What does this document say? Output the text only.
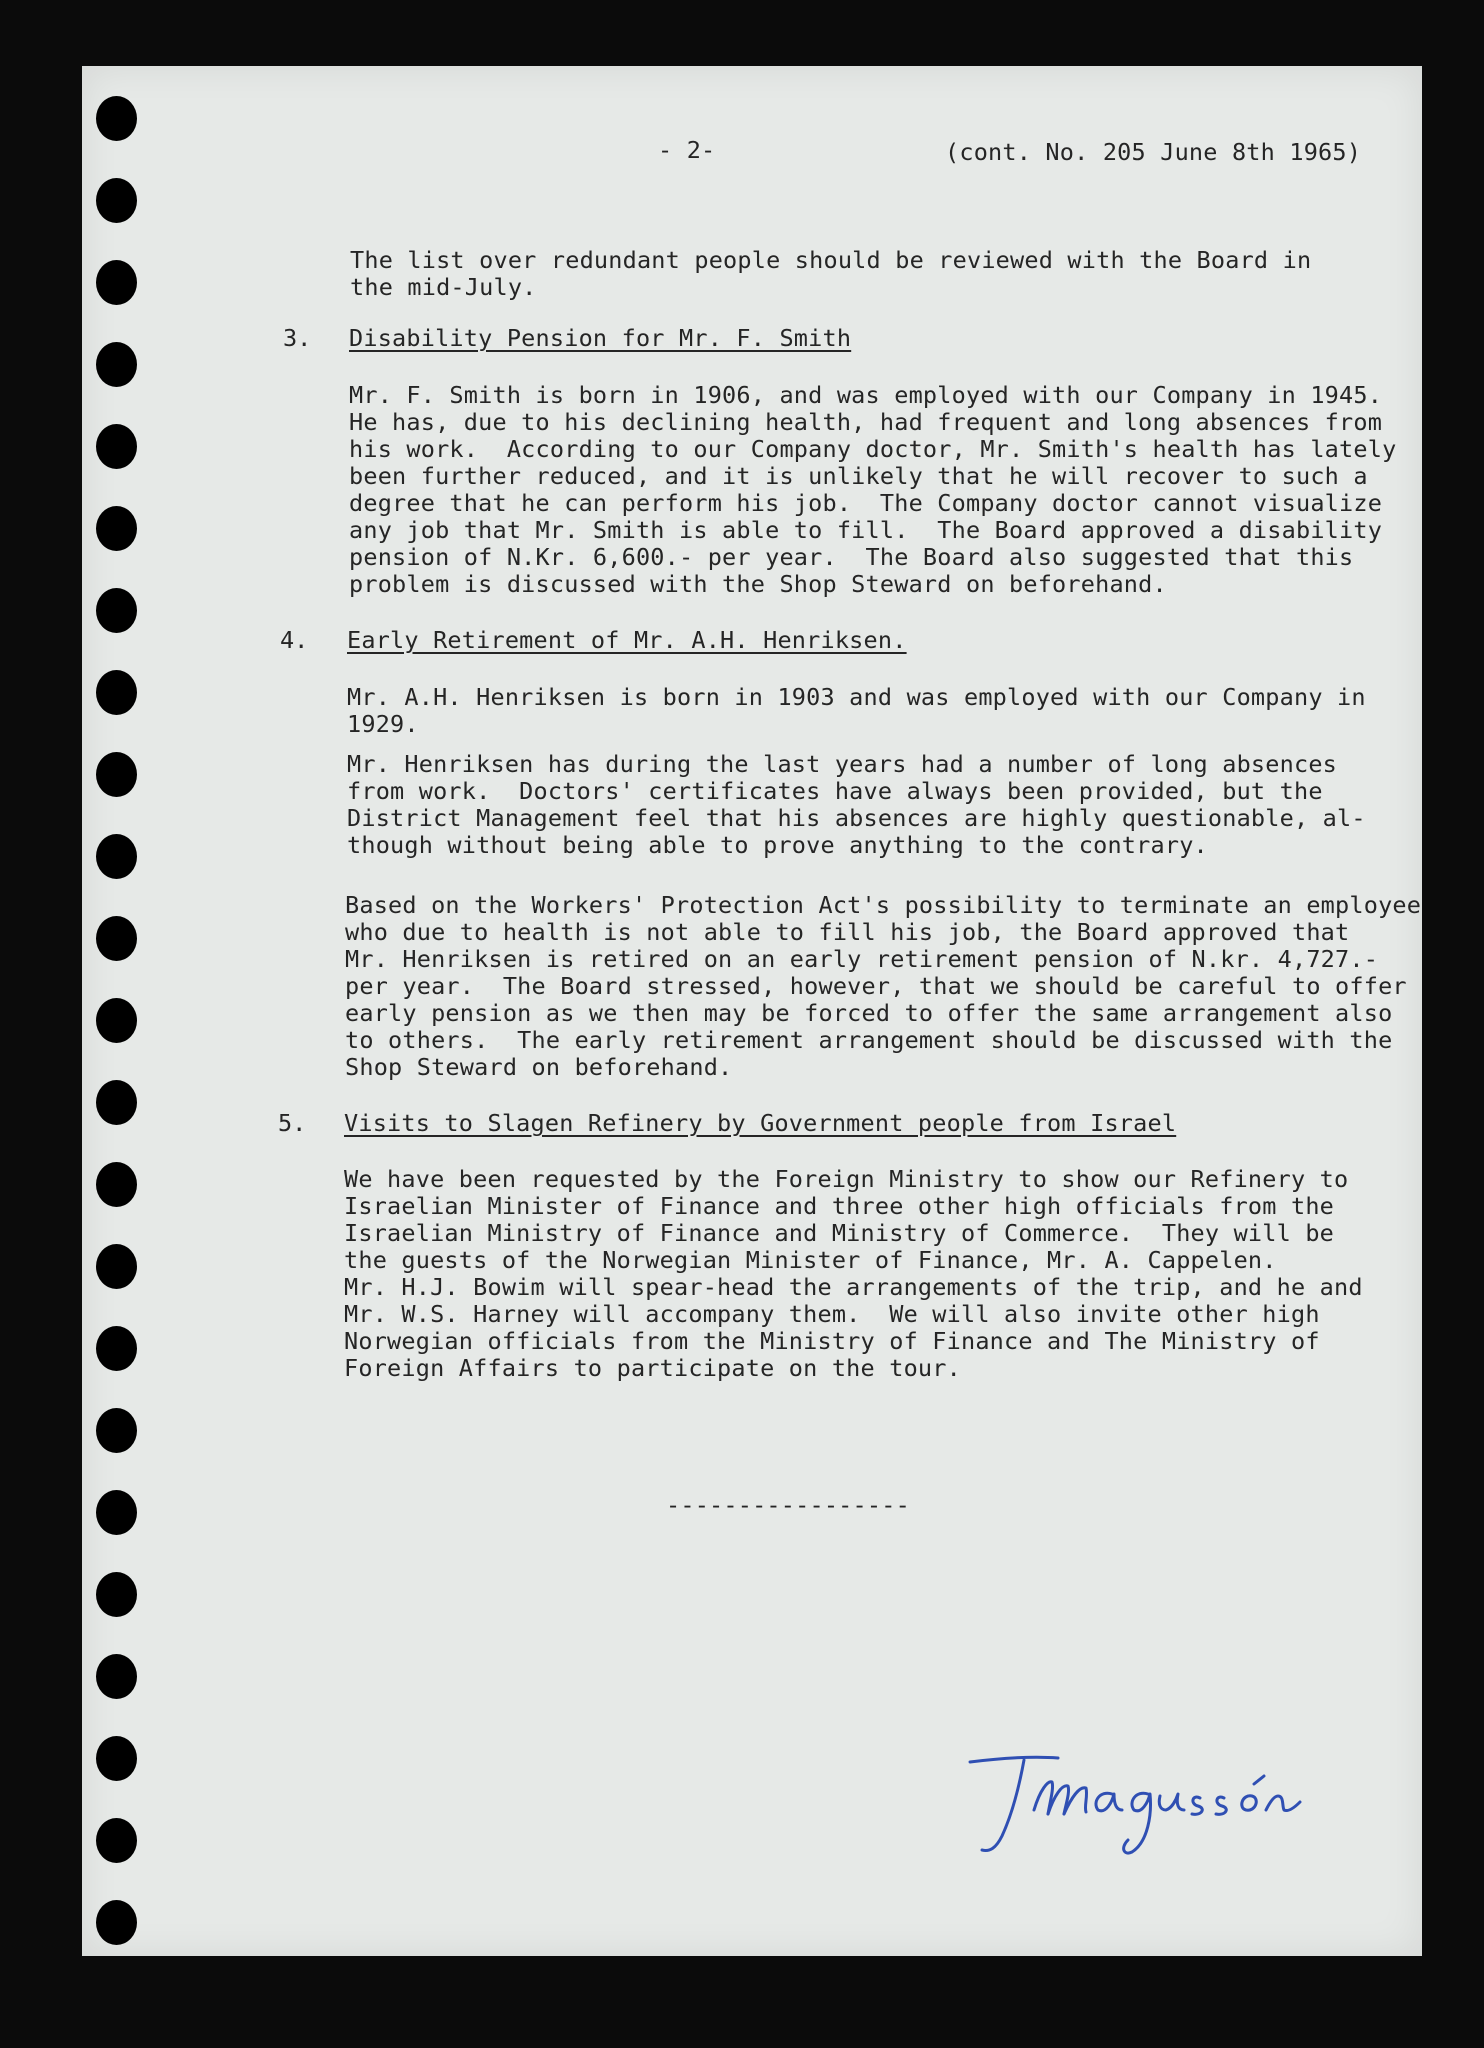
- 2-	(cont. No. 205 June 8th 1965)
The list over redundant people should be reviewed with the Board in
the mid-July.
3. Disability Pension for Mr. F. Smith
Mr. F. Smith is born in 1906, and was employed with our Company in 1945.
He has, due to his declining health, had frequent and long absences from
his work.  According to our Company doctor, Mr. Smith's health has lately
been further reduced, and it is unlikely that he will recover to such a
degree that he can perform his job.  The Company doctor cannot visualize
any job that Mr. Smith is able to fill.  The Board approved a disability
pension of N.Kr. 6,600.- per year.  The Board also suggested that this
problem is discussed with the Shop Steward on beforehand.
4. Early Retirement of Mr. A.H. Henriksen.
Mr. A.H. Henriksen is born in 1903 and was employed with our Company in
1929.
Mr. Henriksen has during the last years had a number of long absences
from work.  Doctors' certificates have always been provided, but the
District Management feel that his absences are highly questionable, al-
though without being able to prove anything to the contrary.
Based on the Workers' Protection Act's possibility to terminate an employee
who due to health is not able to fill his job, the Board approved that
Mr. Henriksen is retired on an early retirement pension of N.kr. 4,727.-
per year.  The Board stressed, however, that we should be careful to offer
early pension as we then may be forced to offer the same arrangement also
to others.  The early retirement arrangement should be discussed with the
Shop Steward on beforehand.
5. Visits to Slagen Refinery by Government people from Israel
We have been requested by the Foreign Ministry to show our Refinery to
Israelian Minister of Finance and three other high officials from the
Israelian Ministry of Finance and Ministry of Commerce.  They will be
the guests of the Norwegian Minister of Finance, Mr. A. Cappelen.
Mr. H.J. Bowim will spear-head the arrangements of the trip, and he and
Mr. W.S. Harney will accompany them.  We will also invite other high
Norwegian officials from the Ministry of Finance and The Ministry of
Foreign Affairs to participate on the tour.
-----------------
